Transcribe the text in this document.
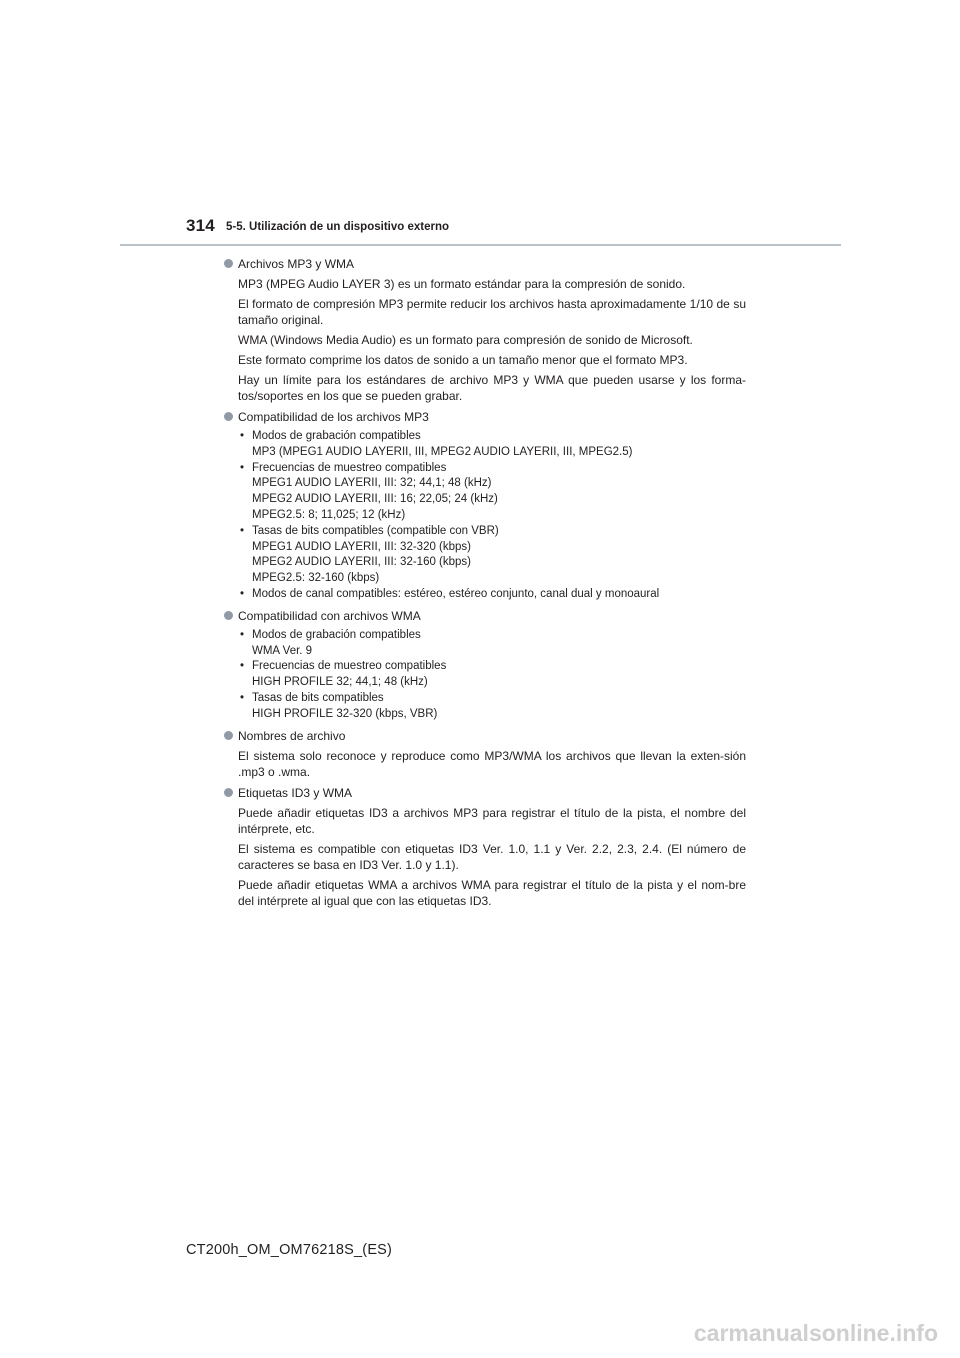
314 5-5. Utilización de un dispositivo externo
Archivos MP3 y WMA
MP3 (MPEG Audio LAYER 3) es un formato estándar para la compresión de sonido.
El formato de compresión MP3 permite reducir los archivos hasta aproximadamente 1/10 de su tamaño original.
WMA (Windows Media Audio) es un formato para compresión de sonido de Microsoft.
Este formato comprime los datos de sonido a un tamaño menor que el formato MP3.
Hay un límite para los estándares de archivo MP3 y WMA que pueden usarse y los forma-tos/soportes en los que se pueden grabar.
Compatibilidad de los archivos MP3
• Modos de grabación compatibles
MP3 (MPEG1 AUDIO LAYERII, III, MPEG2 AUDIO LAYERII, III, MPEG2.5)
• Frecuencias de muestreo compatibles
MPEG1 AUDIO LAYERII, III: 32; 44,1; 48 (kHz)
MPEG2 AUDIO LAYERII, III: 16; 22,05; 24 (kHz)
MPEG2.5: 8; 11,025; 12 (kHz)
• Tasas de bits compatibles (compatible con VBR)
MPEG1 AUDIO LAYERII, III: 32-320 (kbps)
MPEG2 AUDIO LAYERII, III: 32-160 (kbps)
MPEG2.5: 32-160 (kbps)
• Modos de canal compatibles: estéreo, estéreo conjunto, canal dual y monoaural
Compatibilidad con archivos WMA
• Modos de grabación compatibles
WMA Ver. 9
• Frecuencias de muestreo compatibles
HIGH PROFILE 32; 44,1; 48 (kHz)
• Tasas de bits compatibles
HIGH PROFILE 32-320 (kbps, VBR)
Nombres de archivo
El sistema solo reconoce y reproduce como MP3/WMA los archivos que llevan la exten-sión .mp3 o .wma.
Etiquetas ID3 y WMA
Puede añadir etiquetas ID3 a archivos MP3 para registrar el título de la pista, el nombre del intérprete, etc.
El sistema es compatible con etiquetas ID3 Ver. 1.0, 1.1 y Ver. 2.2, 2.3, 2.4. (El número de caracteres se basa en ID3 Ver. 1.0 y 1.1).
Puede añadir etiquetas WMA a archivos WMA para registrar el título de la pista y el nom-bre del intérprete al igual que con las etiquetas ID3.
CT200h_OM_OM76218S_(ES)
carmanualsonline.info
